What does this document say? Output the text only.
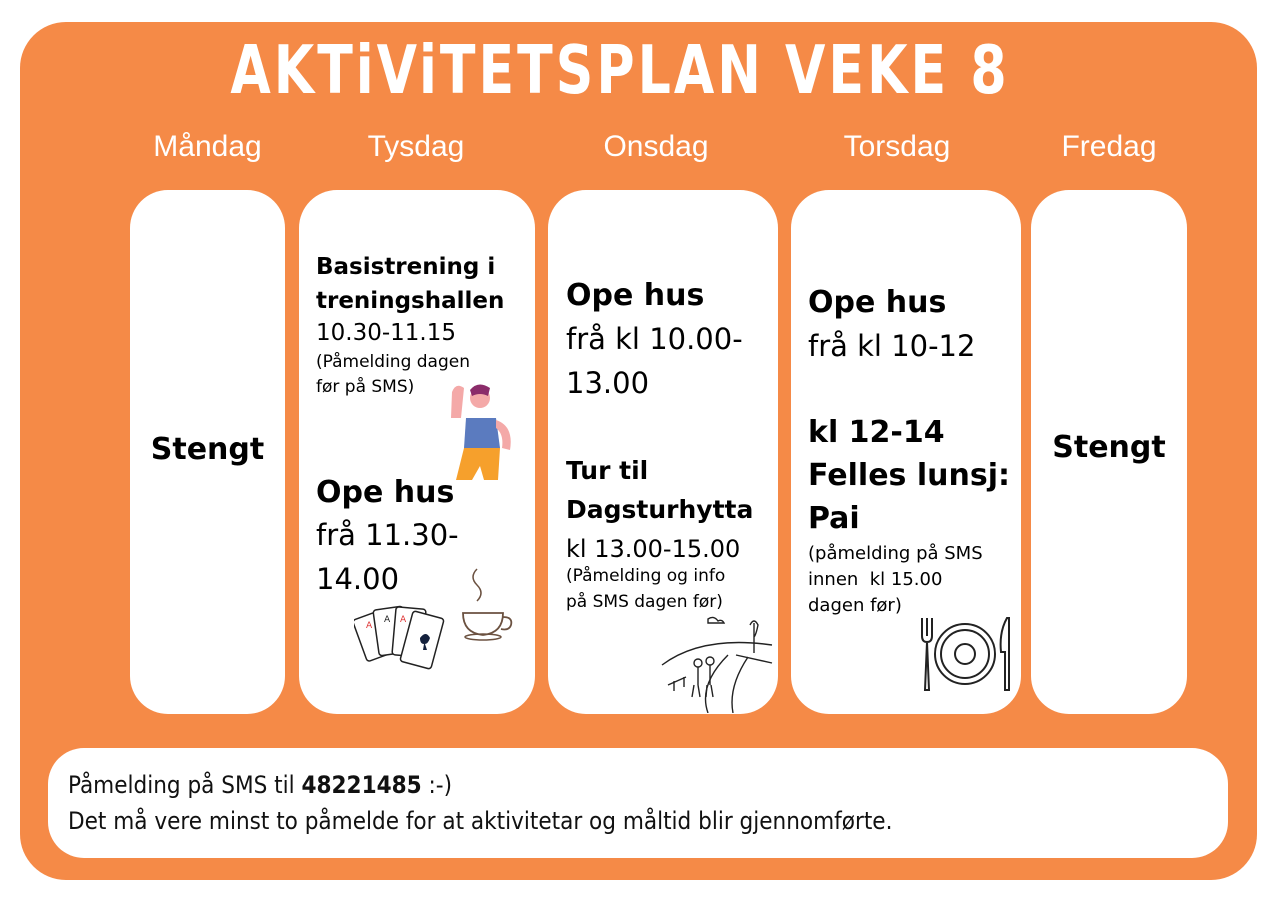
AKTiViTETSPLAN VEKE 8
Måndag	Tysdag	Onsdag	Torsdag	Fredag
Stengt
Basistrening i treningshallen
10.30-11.15
(Påmelding dagen før på SMS)
Ope hus
frå 11.30-
14.00
A
A A
Ope hus
frå kl 10.00-
13.00
Tur til
Dagsturhytta
kl 13.00-15.00
(Påmelding og info
på SMS dagen før)
Ope hus
frå kl 10-12
kl 12-14
Felles lunsj:
Pai
(påmelding på SMS
innen  kl 15.00
dagen før)
Stengt
Påmelding på SMS til 48221485 :-)
Det må vere minst to påmelde for at aktivitetar og måltid blir gjennomførte.
